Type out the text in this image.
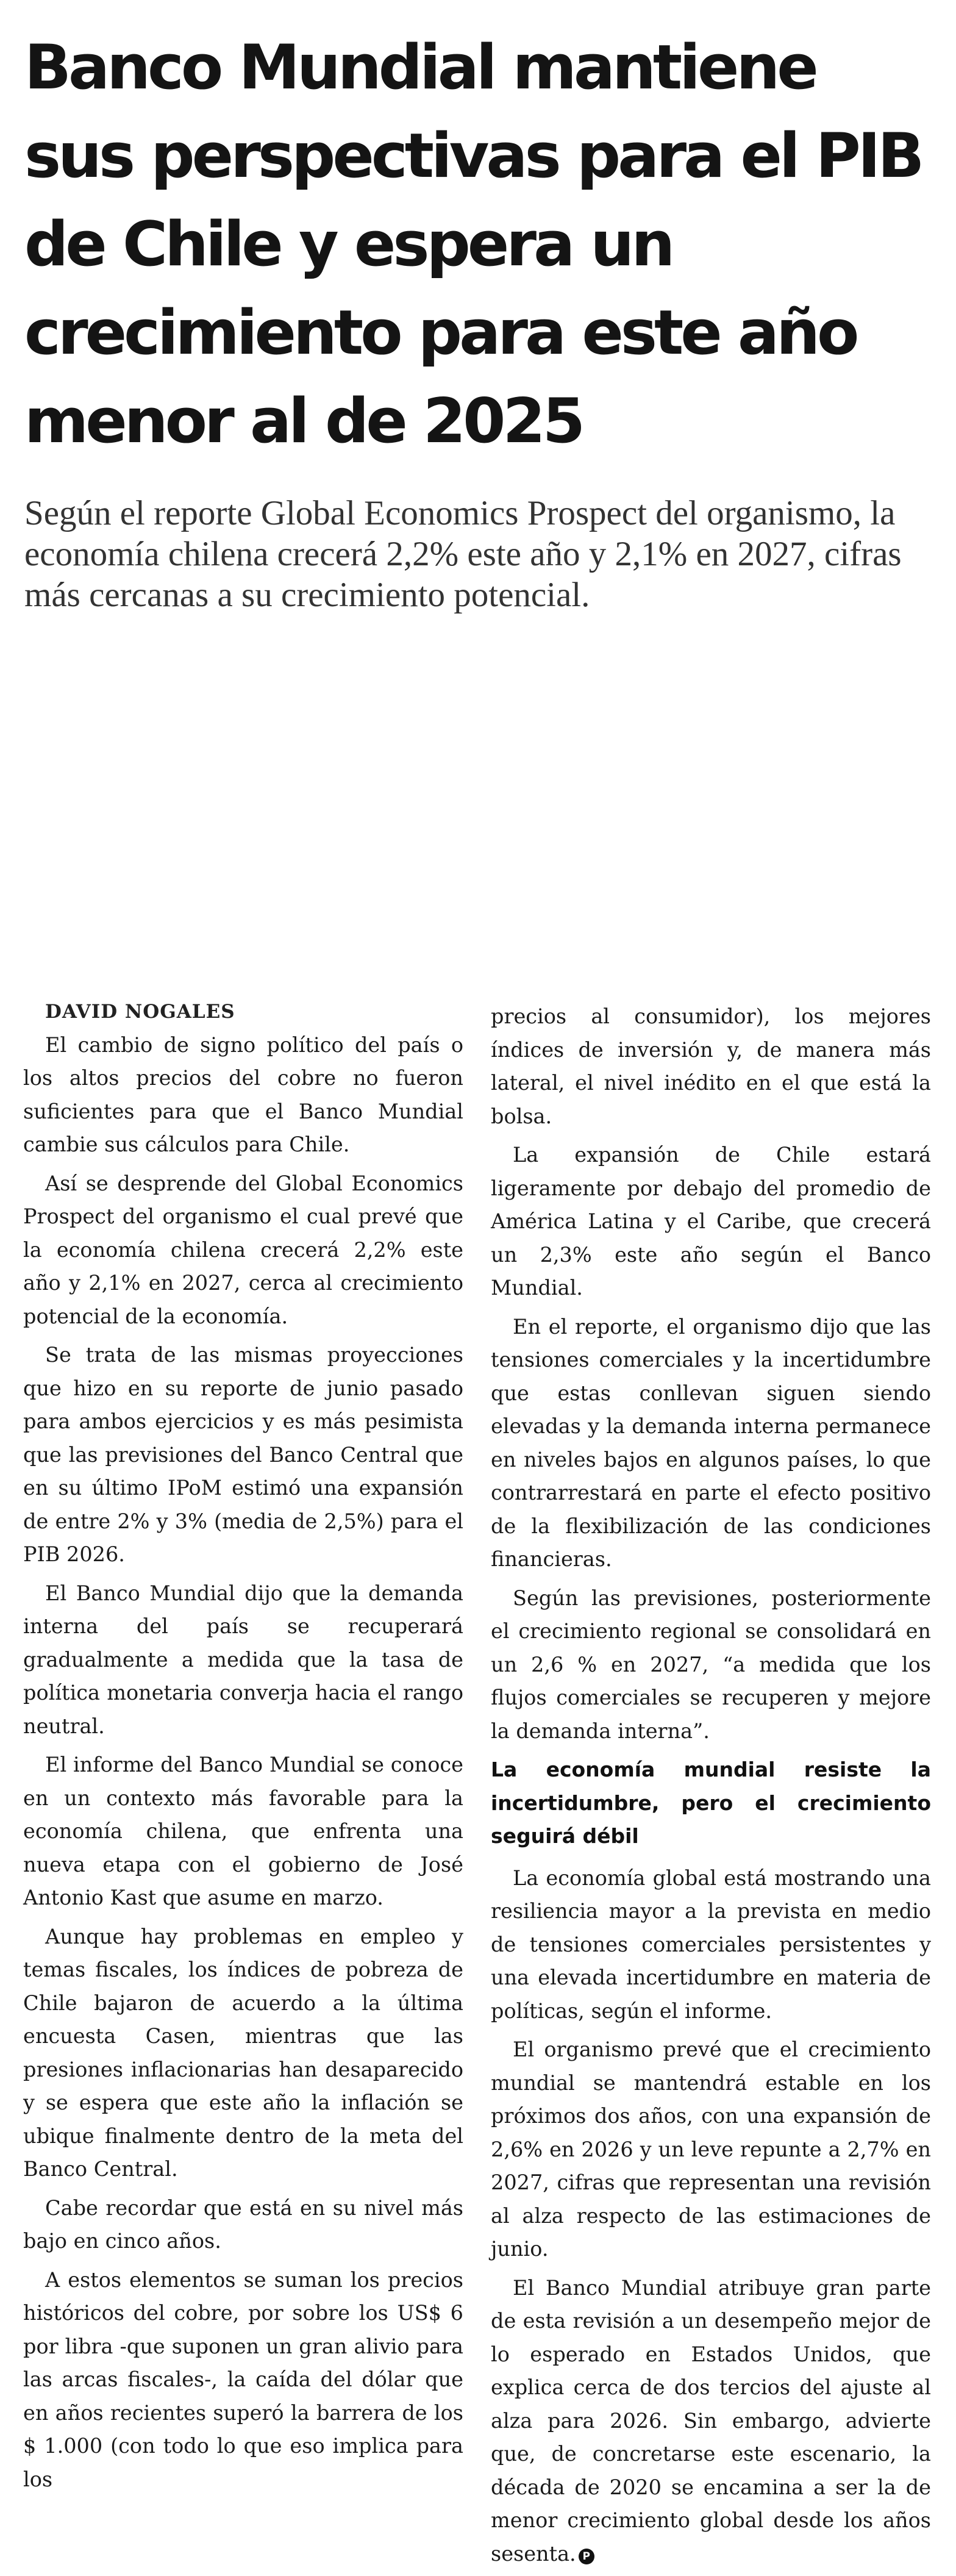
Banco Mundial mantiene sus perspectivas para el PIB de Chile y espera un crecimiento para este año menor al de 2025

Según el reporte Global Economics Prospect del organismo, la economía chilena crecerá 2,2% este año y 2,1% en 2027, cifras más cercanas a su crecimiento potencial.

DAVID NOGALES

El cambio de signo político del país o los altos precios del cobre no fueron suficientes para que el Banco Mundial cambie sus cálculos para Chile.

Así se desprende del Global Economics Prospect del organismo el cual prevé que la economía chilena crecerá 2,2% este año y 2,1% en 2027, cerca al crecimiento potencial de la economía.

Se trata de las mismas proyecciones que hizo en su reporte de junio pasado para ambos ejercicios y es más pesimista que las previsiones del Banco Central que en su último IPoM estimó una expansión de entre 2% y 3% (media de 2,5%) para el PIB 2026.

El Banco Mundial dijo que la demanda interna del país se recuperará gradualmente a medida que la tasa de política monetaria converja hacia el rango neutral.

El informe del Banco Mundial se conoce en un contexto más favorable para la economía chilena, que enfrenta una nueva etapa con el gobierno de José Antonio Kast que asume en marzo.

Aunque hay problemas en empleo y temas fiscales, los índices de pobreza de Chile bajaron de acuerdo a la última encuesta Casen, mientras que las presiones inflacionarias han desaparecido y se espera que este año la inflación se ubique finalmente dentro de la meta del Banco Central.

Cabe recordar que está en su nivel más bajo en cinco años.

A estos elementos se suman los precios históricos del cobre, por sobre los US$ 6 por libra -que suponen un gran alivio para las arcas fiscales-, la caída del dólar que en años recientes superó la barrera de los $ 1.000 (con todo lo que eso implica para los

precios al consumidor), los mejores índices de inversión y, de manera más lateral, el nivel inédito en el que está la bolsa.

La expansión de Chile estará ligeramente por debajo del promedio de América Latina y el Caribe, que crecerá un 2,3% este año según el Banco Mundial.

En el reporte, el organismo dijo que las tensiones comerciales y la incertidumbre que estas conllevan siguen siendo elevadas y la demanda interna permanece en niveles bajos en algunos países, lo que contrarrestará en parte el efecto positivo de la flexibilización de las condiciones financieras.

Según las previsiones, posteriormente el crecimiento regional se consolidará en un 2,6 % en 2027, “a medida que los flujos comerciales se recuperen y mejore la demanda interna”.

La economía mundial resiste la incertidumbre, pero el crecimiento seguirá débil

La economía global está mostrando una resiliencia mayor a la prevista en medio de tensiones comerciales persistentes y una elevada incertidumbre en materia de políticas, según el informe.

El organismo prevé que el crecimiento mundial se mantendrá estable en los próximos dos años, con una expansión de 2,6% en 2026 y un leve repunte a 2,7% en 2027, cifras que representan una revisión al alza respecto de las estimaciones de junio.

El Banco Mundial atribuye gran parte de esta revisión a un desempeño mejor de lo esperado en Estados Unidos, que explica cerca de dos tercios del ajuste al alza para 2026. Sin embargo, advierte que, de concretarse este escenario, la década de 2020 se encamina a ser la de menor crecimiento global desde los años sesenta. P
